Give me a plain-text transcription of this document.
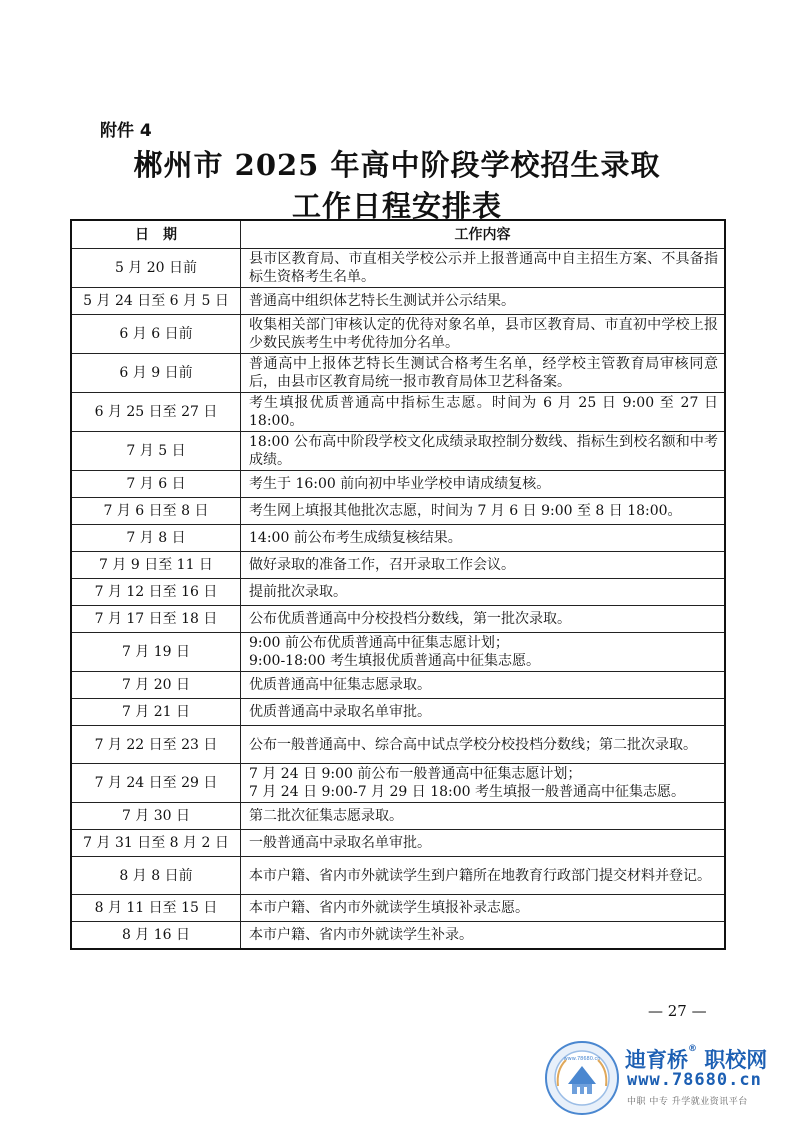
附件 4
郴州市 2025 年高中阶段学校招生录取
工作日程安排表
日　期	工作内容
5 月 20 日前	县市区教育局、市直相关学校公示并上报普通高中自主招生方案、不具备指标生资格考生名单。
5 月 24 日至 6 月 5 日	普通高中组织体艺特长生测试并公示结果。
6 月 6 日前	收集相关部门审核认定的优待对象名单，县市区教育局、市直初中学校上报少数民族考生中考优待加分名单。
6 月 9 日前	普通高中上报体艺特长生测试合格考生名单，经学校主管教育局审核同意后，由县市区教育局统一报市教育局体卫艺科备案。
6 月 25 日至 27 日	考生填报优质普通高中指标生志愿。时间为 6 月 25 日 9:00 至 27 日 18:00。
7 月 5 日	18:00 公布高中阶段学校文化成绩录取控制分数线、指标生到校名额和中考成绩。
7 月 6 日	考生于 16:00 前向初中毕业学校申请成绩复核。
7 月 6 日至 8 日	考生网上填报其他批次志愿，时间为 7 月 6 日 9:00 至 8 日 18:00。
7 月 8 日	14:00 前公布考生成绩复核结果。
7 月 9 日至 11 日	做好录取的准备工作，召开录取工作会议。
7 月 12 日至 16 日	提前批次录取。
7 月 17 日至 18 日	公布优质普通高中分校投档分数线，第一批次录取。
7 月 19 日	9:00 前公布优质普通高中征集志愿计划；
9:00-18:00 考生填报优质普通高中征集志愿。

7 月 20 日	优质普通高中征集志愿录取。
7 月 21 日	优质普通高中录取名单审批。
7 月 22 日至 23 日	公布一般普通高中、综合高中试点学校分校投档分数线；第二批次录取。
7 月 24 日至 29 日	7 月 24 日 9:00 前公布一般普通高中征集志愿计划；
7 月 24 日 9:00-7 月 29 日 18:00 考生填报一般普通高中征集志愿。

7 月 30 日	第二批次征集志愿录取。
7 月 31 日至 8 月 2 日	一般普通高中录取名单审批。
8 月 8 日前	本市户籍、省内市外就读学生到户籍所在地教育行政部门提交材料并登记。
8 月 11 日至 15 日	本市户籍、省内市外就读学生填报补录志愿。
8 月 16 日	本市户籍、省内市外就读学生补录。
— 27 —
www.78680.cn 迪育桥® 职校网
www.78680.cn
中职 中专 升学就业资讯平台
